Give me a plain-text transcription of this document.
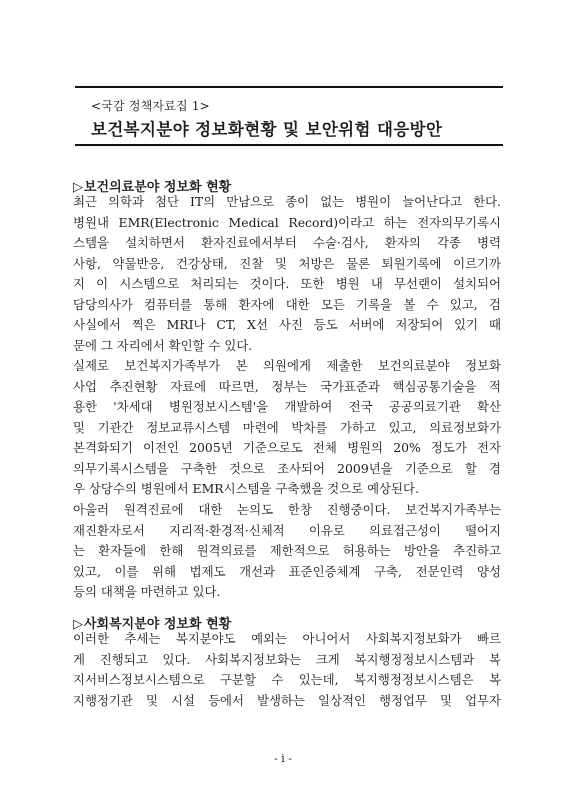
<국감 정책자료집 1>
보건복지분야 정보화현황 및 보안위험 대응방안
▷보건의료분야 정보화 현황
최근 의학과 첨단 IT의 만남으로 종이 없는 병원이 늘어난다고 한다.
병원내 EMR(Electronic Medical Record)이라고 하는 전자의무기록시
스템을 설치하면서 환자진료에서부터 수술·검사, 환자의 각종 병력
사항, 약물반응, 건강상태, 진찰 및 처방은 물론 퇴원기록에 이르기까
지 이 시스템으로 처리되는 것이다. 또한 병원 내 무선랜이 설치되어
담당의사가 컴퓨터를 통해 환자에 대한 모든 기록을 볼 수 있고, 검
사실에서 찍은 MRI나 CT, X선 사진 등도 서버에 저장되어 있기 때
문에 그 자리에서 확인할 수 있다.
실제로 보건복지가족부가 본 의원에게 제출한 보건의료분야 정보화
사업 추진현황 자료에 따르면, 정부는 국가표준과 핵심공통기술을 적
용한 '차세대 병원정보시스템'을 개발하여 전국 공공의료기관 확산
및 기관간 정보교류시스템 마련에 박차를 가하고 있고, 의료정보화가
본격화되기 이전인 2005년 기준으로도 전체 병원의 20% 정도가 전자
의무기록시스템을 구축한 것으로 조사되어 2009년을 기준으로 할 경
우 상당수의 병원에서 EMR시스템을 구축했을 것으로 예상된다.
아울러 원격진료에 대한 논의도 한창 진행중이다. 보건복지가족부는
재진환자로서 지리적·환경적·신체적 이유로 의료접근성이 떨어지
는 환자들에 한해 원격의료를 제한적으로 허용하는 방안을 추진하고
있고, 이를 위해 법제도 개선과 표준인증체계 구축, 전문인력 양성
등의 대책을 마련하고 있다.
▷사회복지분야 정보화 현황
이러한 추세는 복지분야도 예외는 아니어서 사회복지정보화가 빠르
게 진행되고 있다. 사회복지정보화는 크게 복지행정정보시스템과 복
지서비스정보시스템으로 구분할 수 있는데, 복지행정정보시스템은 복
지행정기관 및 시설 등에서 발생하는 일상적인 행정업무 및 업무자
- i -
